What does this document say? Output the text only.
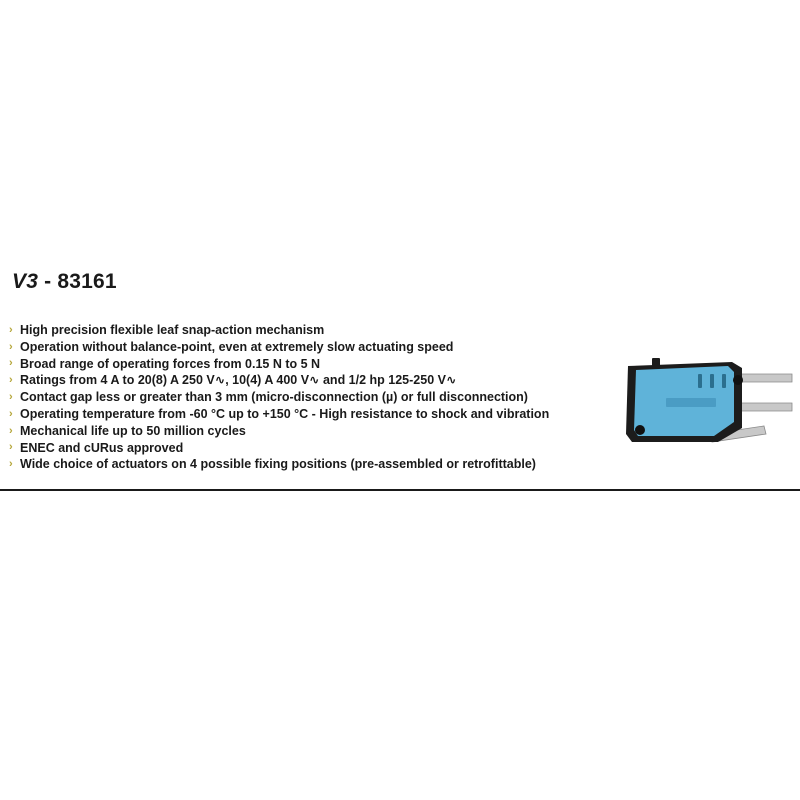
V3 - 83161
› High precision flexible leaf snap-action mechanism
› Operation without balance-point, even at extremely slow actuating speed
› Broad range of operating forces from 0.15 N to 5 N
› Ratings from 4 A to 20(8) A 250 V∿, 10(4) A 400 V∿ and 1/2 hp 125-250 V∿
› Contact gap less or greater than 3 mm (micro-disconnection (µ) or full disconnection)
› Operating temperature from -60 °C up to +150 °C - High resistance to shock and vibration
› Mechanical life up to 50 million cycles
› ENEC and cURus approved
› Wide choice of actuators on 4 possible fixing positions (pre-assembled or retrofittable)
